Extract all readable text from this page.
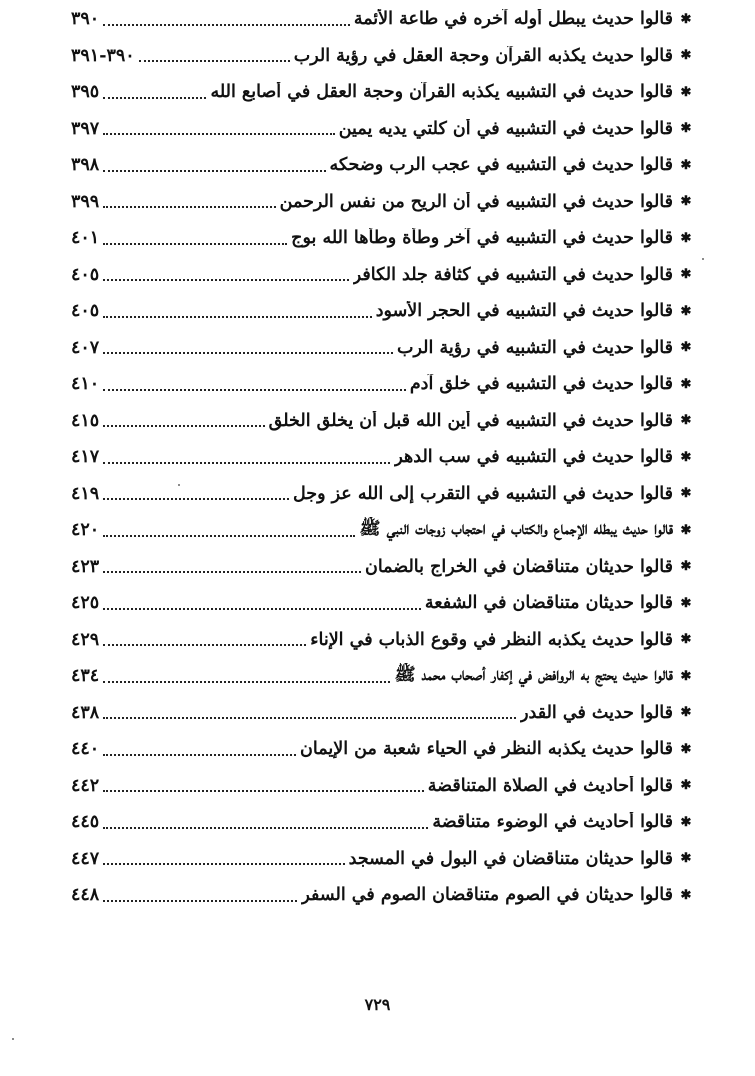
✱
قالوا حديث يبطل أوله آخره في طاعة الأئمة
٣٩٠
✱
قالوا حديث يكذبه القرآن وحجة العقل في رؤية الرب
٣٩٠-٣٩١
✱
قالوا حديث في التشبيه يكذبه القرآن وحجة العقل في أصابع الله
٣٩٥
✱
قالوا حديث في التشبيه في أن كلتي يديه يمين
٣٩٧
✱
قالوا حديث في التشبيه في عجب الرب وضحكه
٣٩٨
✱
قالوا حديث في التشبيه في أن الريح من نفس الرحمن
٣٩٩
✱
قالوا حديث في التشبيه في آخر وطأة وطأها الله بوج
٤٠١
✱
قالوا حديث في التشبيه في كثافة جلد الكافر
٤٠٥
✱
قالوا حديث في التشبيه في الحجر الأسود
٤٠٥
✱
قالوا حديث في التشبيه في رؤية الرب
٤٠٧
✱
قالوا حديث في التشبيه في خلق آدم
٤١٠
✱
قالوا حديث في التشبيه في أين الله قبل أن يخلق الخلق
٤١٥
✱
قالوا حديث في التشبيه في سب الدهر
٤١٧
✱
قالوا حديث في التشبيه في التقرب إلى الله عز وجل
٤١٩
✱
قالوا حديث يبطله الإجماع والكتاب في احتجاب زوجات النبي ﷺ
٤٢٠
✱
قالوا حديثان متناقضان في الخراج بالضمان
٤٢٣
✱
قالوا حديثان متناقضان في الشفعة
٤٢٥
✱
قالوا حديث يكذبه النظر في وقوع الذباب في الإناء
٤٢٩
✱
قالوا حديث يحتج به الروافض في إكفار أصحاب محمد ﷺ
٤٣٤
✱
قالوا حديث في القدر
٤٣٨
✱
قالوا حديث يكذبه النظر في الحياء شعبة من الإيمان
٤٤٠
✱
قالوا أحاديث في الصلاة المتناقضة
٤٤٢
✱
قالوا أحاديث في الوضوء متناقضة
٤٤٥
✱
قالوا حديثان متناقضان في البول في المسجد
٤٤٧
✱
قالوا حديثان في الصوم متناقضان الصوم في السفر
٤٤٨
٧٢٩
